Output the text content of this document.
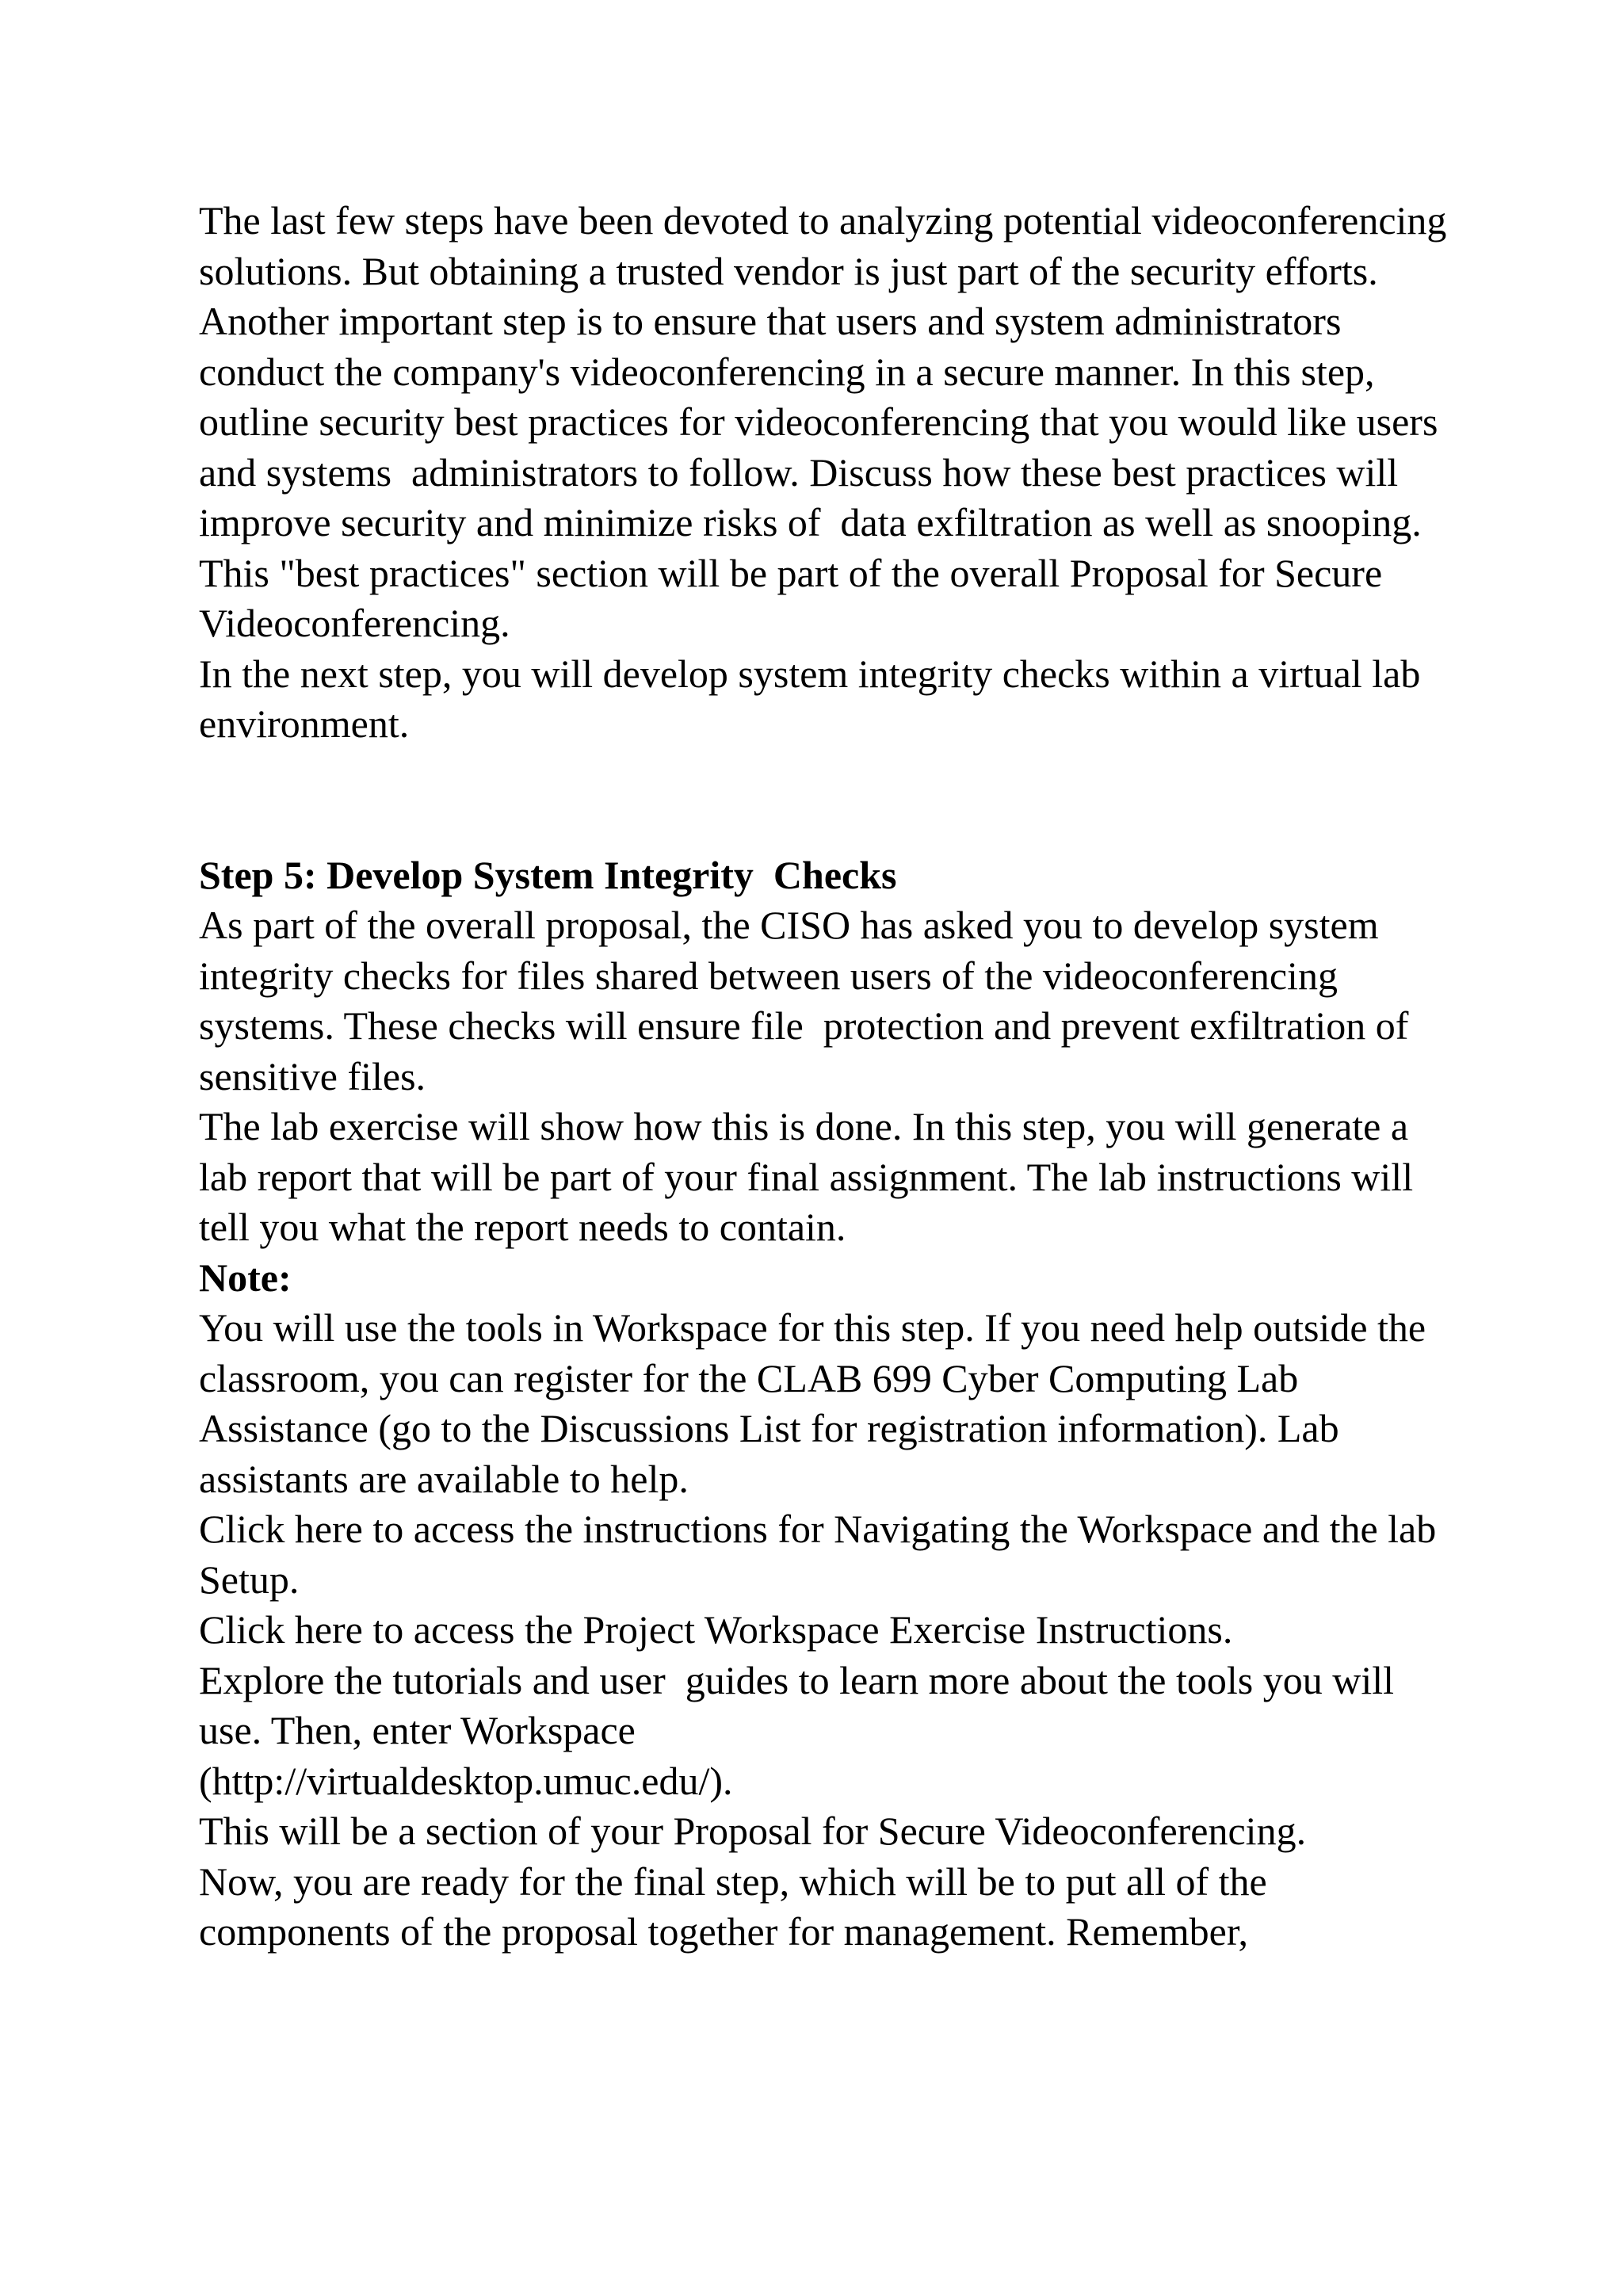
The last few steps have been devoted to analyzing potential videoconferencing solutions. But obtaining a trusted vendor is just part of the security efforts. Another important step is to ensure that users and system administrators conduct the company's videoconferencing in a secure manner. In this step, outline security best practices for videoconferencing that you would like users and systems  administrators to follow. Discuss how these best practices will improve security and minimize risks of  data exfiltration as well as snooping.

This "best practices" section will be part of the overall Proposal for Secure Videoconferencing.

In the next step, you will develop system integrity checks within a virtual lab environment.

Step 5: Develop System Integrity  Checks

As part of the overall proposal, the CISO has asked you to develop system integrity checks for files shared between users of the videoconferencing systems. These checks will ensure file  protection and prevent exfiltration of sensitive files.

The lab exercise will show how this is done. In this step, you will generate a lab report that will be part of your final assignment. The lab instructions will tell you what the report needs to contain.

Note:

You will use the tools in Workspace for this step. If you need help outside the classroom, you can register for the CLAB 699 Cyber Computing Lab Assistance (go to the Discussions List for registration information). Lab assistants are available to help.

Click here to access the instructions for Navigating the Workspace and the lab Setup.

Click here to access the Project Workspace Exercise Instructions.

Explore the tutorials and user  guides to learn more about the tools you will use. Then, enter Workspace

(http://virtualdesktop.umuc.edu/).

This will be a section of your Proposal for Secure Videoconferencing.

Now, you are ready for the final step, which will be to put all of the components of the proposal together for management. Remember,
